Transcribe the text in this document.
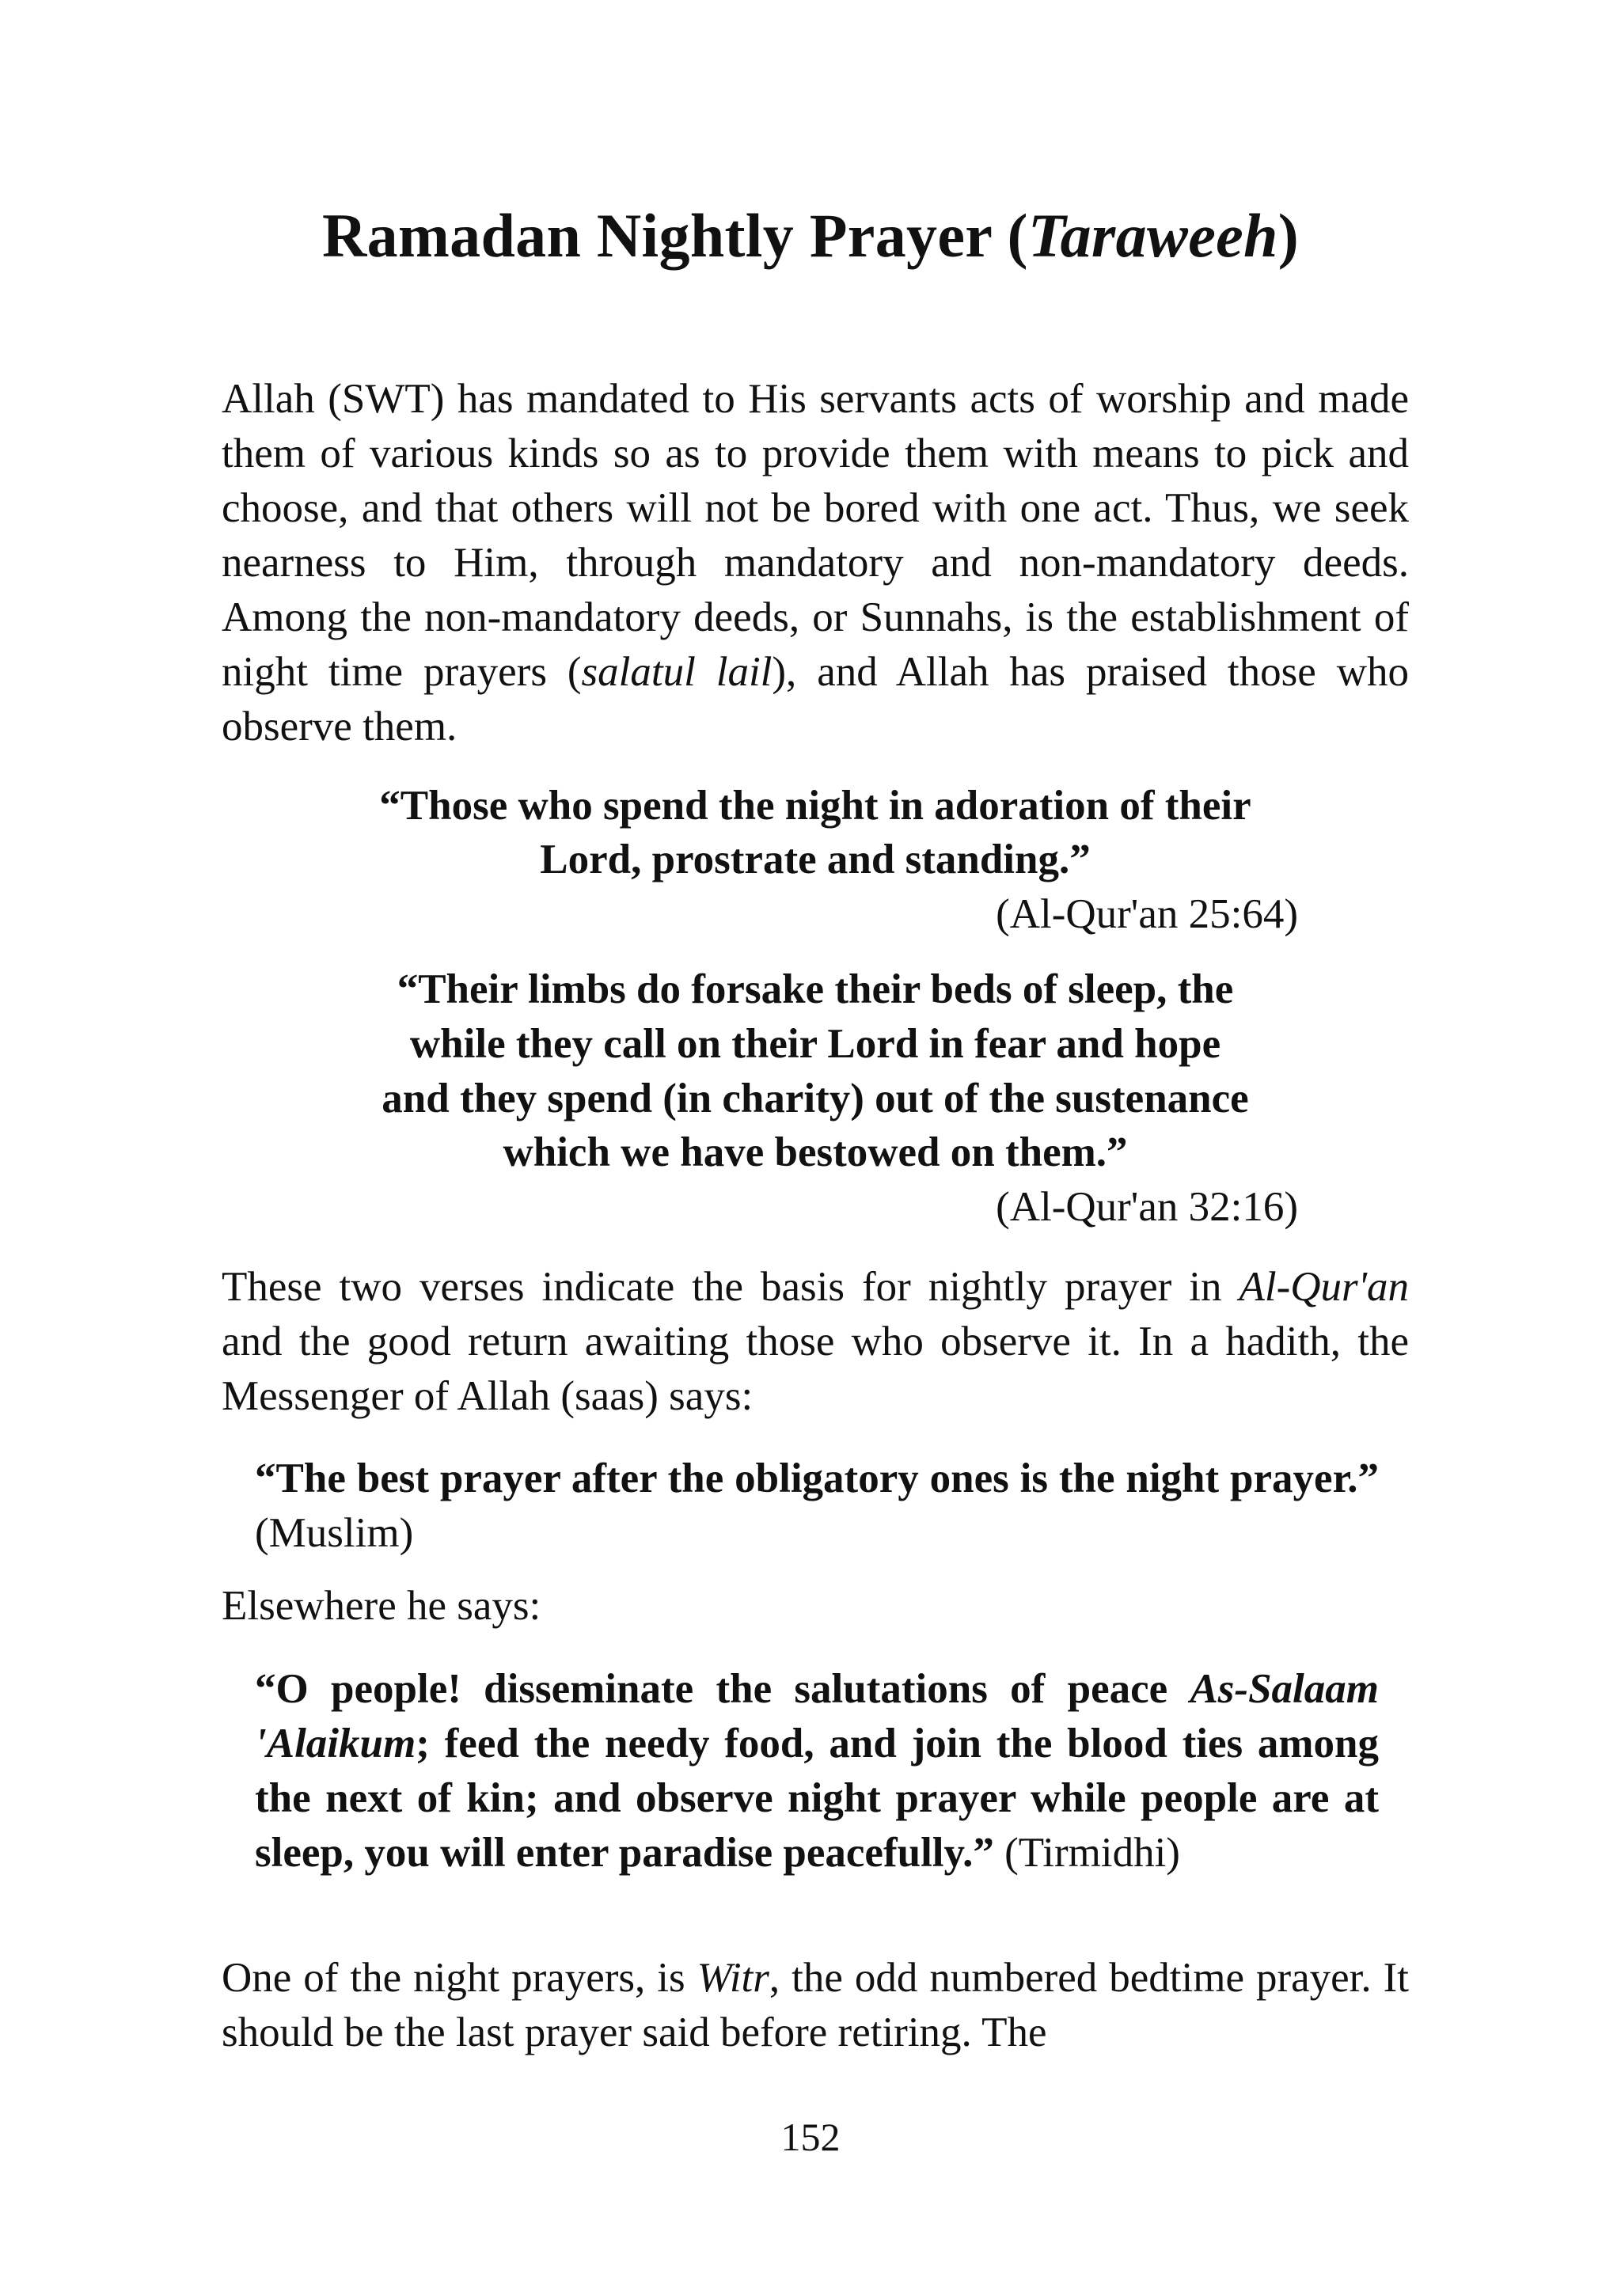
Ramadan Nightly Prayer (Taraweeh)

Allah (SWT) has mandated to His servants acts of worship and made them of various kinds so as to provide them with means to pick and choose, and that others will not be bored with one act. Thus, we seek nearness to Him, through mandatory and non-mandatory deeds. Among the non-mandatory deeds, or Sunnahs, is the establishment of night time prayers (salatul lail), and Allah has praised those who observe them.

“Those who spend the night in adoration of their

Lord, prostrate and standing.”

(Al-Qur'an 25:64)

“Their limbs do forsake their beds of sleep, the

while they call on their Lord in fear and hope

and they spend (in charity) out of the sustenance

which we have bestowed on them.”

(Al-Qur'an 32:16)

These two verses indicate the basis for nightly prayer in Al-Qur'an and the good return awaiting those who observe it. In a hadith, the Messenger of Allah (saas) says:

“The best prayer after the obligatory ones is the night prayer.” (Muslim)

Elsewhere he says:

“O people! disseminate the salutations of peace As-Salaam 'Alaikum; feed the needy food, and join the blood ties among the next of kin; and observe night prayer while people are at sleep, you will enter paradise peacefully.” (Tirmidhi)

One of the night prayers, is Witr, the odd numbered bedtime prayer. It should be the last prayer said before retiring. The

152
